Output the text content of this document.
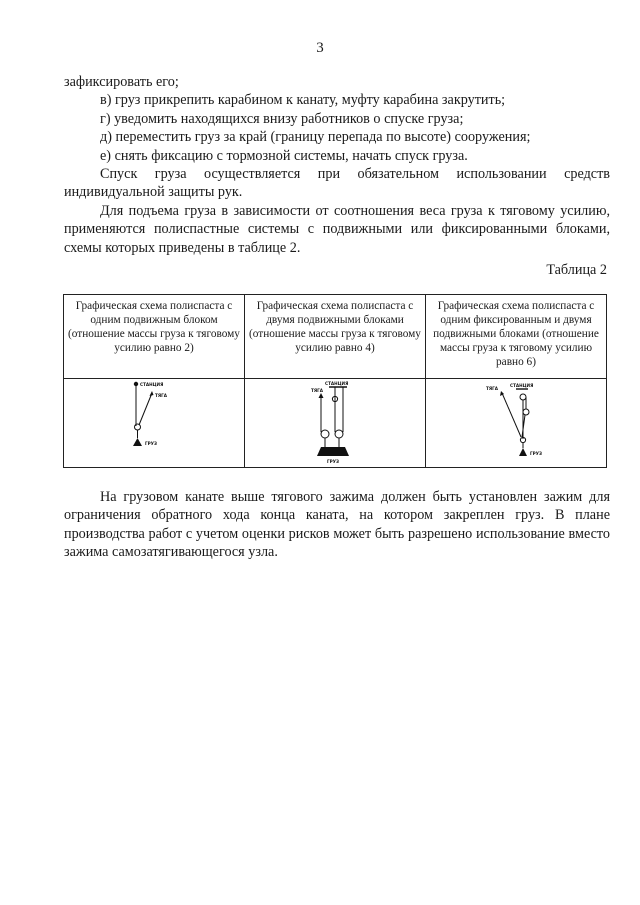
3

зафиксировать его;

в) груз прикрепить карабином к канату, муфту карабина закрутить;

г) уведомить находящихся внизу работников о спуске груза;

д) переместить груз за край (границу перепада по высоте) сооружения;

е) снять фиксацию с тормозной системы, начать спуск груза.

Спуск груза осуществляется при обязательном использовании средств индивидуальной защиты рук.

Для подъема груза в зависимости от соотношения веса груза к тяговому усилию, применяются полиспастные системы с подвижными или фиксированными блоками, схемы которых приведены в таблице 2.

Таблица 2
Графическая схема полиспаста с одним подвижным блоком (отношение массы груза к тяговому усилию равно 2)	Графическая схема полиспаста с двумя подвижными блоками (отношение массы груза к тяговому усилию равно 4)	Графическая схема полиспаста с одним фиксированным и двумя подвижными блоками (отношение массы груза к тяговому усилию равно 6)

СТАНЦИЯ
ТЯГА
ГРУЗ	СТАНЦИЯ
ТЯГА
ГРУЗ	СТАНЦИЯ
ТЯГА
ГРУЗ

На грузовом канате выше тягового зажима должен быть установлен зажим для ограничения обратного хода конца каната, на котором закреплен груз. В плане производства работ с учетом оценки рисков может быть разрешено использование вместо зажима самозатягивающегося узла.
